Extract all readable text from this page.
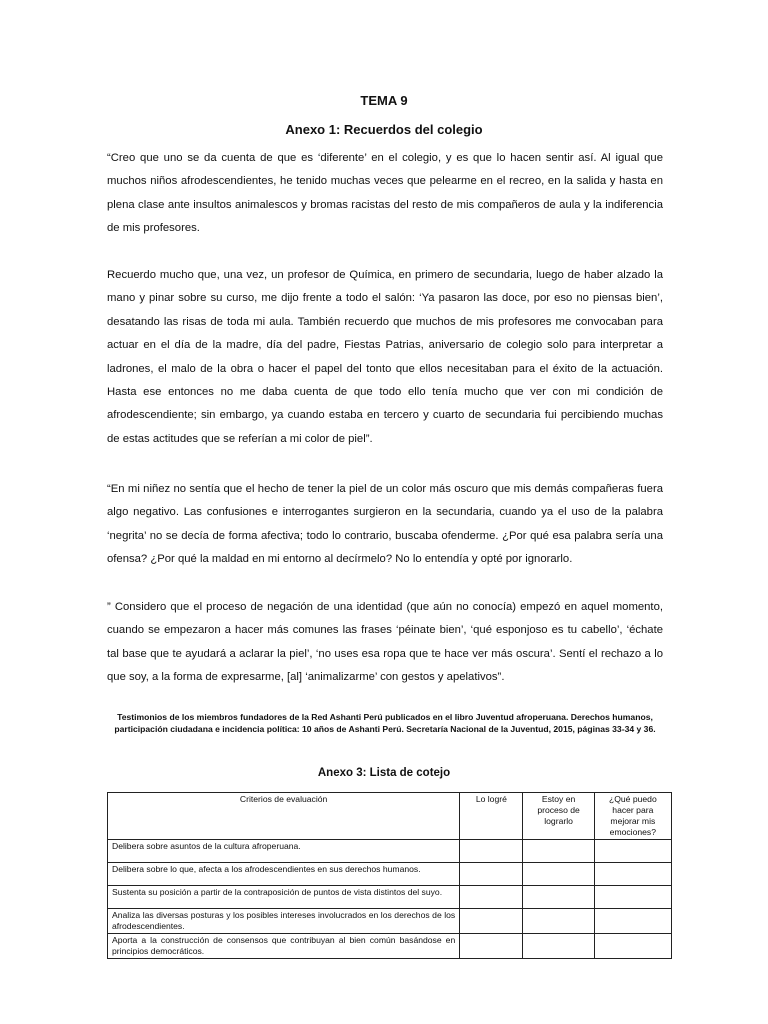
TEMA 9
Anexo 1: Recuerdos del colegio

“Creo que uno se da cuenta de que es ‘diferente’ en el colegio, y es que lo hacen sentir así. Al igual que muchos niños afrodescendientes, he tenido muchas veces que pelearme en el recreo, en la salida y hasta en plena clase ante insultos animalescos y bromas racistas del resto de mis compañeros de aula y la indiferencia de mis profesores.

Recuerdo mucho que, una vez, un profesor de Química, en primero de secundaria, luego de haber alzado la mano y pinar sobre su curso, me dijo frente a todo el salón: ‘Ya pasaron las doce, por eso no piensas bien’, desatando las risas de toda mi aula. También recuerdo que muchos de mis profesores me convocaban para actuar en el día de la madre, día del padre, Fiestas Patrias, aniversario de colegio solo para interpretar a ladrones, el malo de la obra o hacer el papel del tonto que ellos necesitaban para el éxito de la actuación. Hasta ese entonces no me daba cuenta de que todo ello tenía mucho que ver con mi condición de afrodescendiente; sin embargo, ya cuando estaba en tercero y cuarto de secundaria fui percibiendo muchas de estas actitudes que se referían a mi color de piel”.

“En mi niñez no sentía que el hecho de tener la piel de un color más oscuro que mis demás compañeras fuera algo negativo. Las confusiones e interrogantes surgieron en la secundaria, cuando ya el uso de la palabra ‘negrita’ no se decía de forma afectiva; todo lo contrario, buscaba ofenderme. ¿Por qué esa palabra sería una ofensa? ¿Por qué la maldad en mi entorno al decírmelo? No lo entendía y opté por ignorarlo.

” Considero que el proceso de negación de una identidad (que aún no conocía) empezó en aquel momento, cuando se empezaron a hacer más comunes las frases ‘péinate bien’, ‘qué esponjoso es tu cabello’, ‘échate tal base que te ayudará a aclarar la piel’, ‘no uses esa ropa que te hace ver más oscura’. Sentí el rechazo a lo que soy, a la forma de expresarme, [al] ‘animalizarme’ con gestos y apelativos”.

Testimonios de los miembros fundadores de la Red Ashanti Perú publicados en el libro Juventud afroperuana. Derechos humanos, participación ciudadana e incidencia política: 10 años de Ashanti Perú. Secretaría Nacional de la Juventud, 2015, páginas 33-34 y 36.
Anexo 3: Lista de cotejo
Criterios de evaluación	Lo logré	Estoy en proceso de lograrlo	¿Qué puedo hacer para mejorar mis emociones?
Delibera sobre asuntos de la cultura afroperuana.			
Delibera sobre lo que, afecta a los afrodescendientes en sus derechos humanos.			
Sustenta su posición a partir de la contraposición de puntos de vista distintos del suyo.			
Analiza las diversas posturas y los posibles intereses involucrados en los derechos de los afrodescendientes.			
Aporta a la construcción de consensos que contribuyan al bien común basándose en principios democráticos.			
